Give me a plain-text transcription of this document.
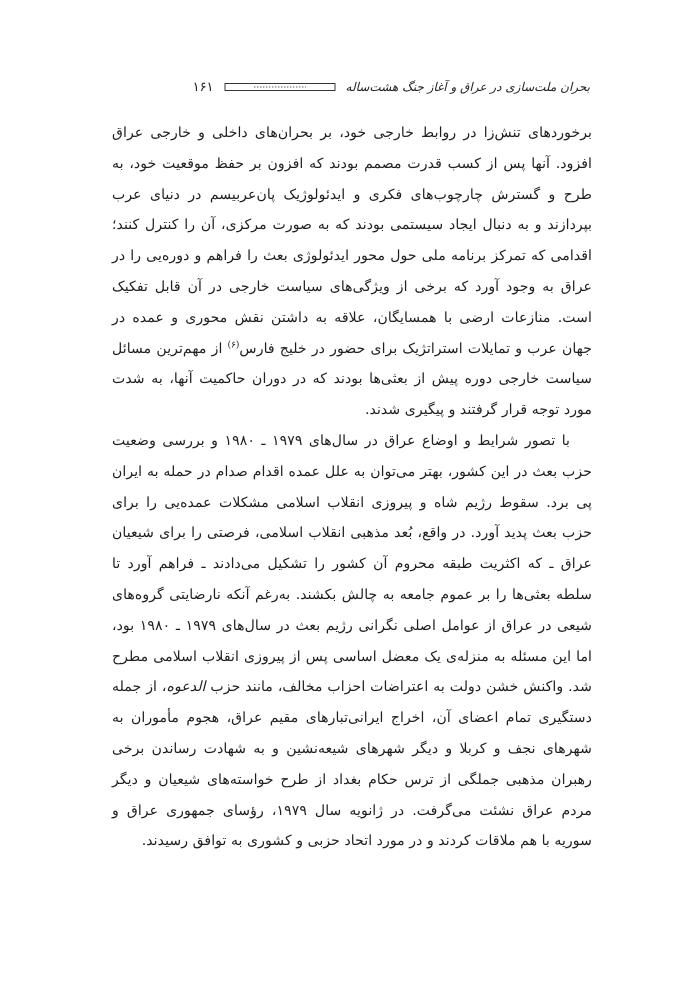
بحران ملت‌سازی در عراق و آغاز جنگ هشت‌ساله
۱۶۱

برخوردهای تنش‌زا در روابط خارجی خود، بر بحران‌های داخلی و خارجی عراق افزود. آنها پس از کسب قدرت مصمم بودند که افزون بر حفظ موقعیت خود، به طرح و گسترش چارچوب‌های فکری و ایدئولوژیک پان‌عربیسم در دنیای عرب بپردازند و به دنبال ایجاد سیستمی بودند که به صورت مرکزی، آن را کنترل کنند؛ اقدامی که تمرکز برنامه ملی حول محور ایدئولوژی بعث را فراهم و دوره‌یی را در عراق به وجود آورد که برخی از ویژگی‌های سیاست خارجی در آن قابل تفکیک است. منازعات ارضی با همسایگان، علاقه به داشتن نقش محوری و عمده در جهان عرب و تمایلات استراتژیک برای حضور در خلیج فارس$^{(۶)}$ از مهم‌ترین مسائل سیاست خارجی دوره پیش از بعثی‌ها بودند که در دوران حاکمیت آنها، به شدت مورد توجه قرار گرفتند و پیگیری شدند.

با تصور شرایط و اوضاع عراق در سال‌های ۱۹۷۹ ـ ۱۹۸۰ و بررسی وضعیت حزب بعث در این کشور، بهتر می‌توان به علل عمده اقدام صدام در حمله به ایران پی برد. سقوط رژیم شاه و پیروزی انقلاب اسلامی مشکلات عمده‌یی را برای حزب بعث پدید آورد. در واقع، بُعد مذهبی انقلاب اسلامی، فرصتی را برای شیعیان عراق ـ که اکثریت طبقه محروم آن کشور را تشکیل می‌دادند ـ فراهم آورد تا سلطه بعثی‌ها را بر عموم جامعه به چالش بکشند. به‌رغم آنکه نارضایتی گروه‌های شیعی در عراق از عوامل اصلی نگرانی رژیم بعث در سال‌های ۱۹۷۹ ـ ۱۹۸۰ بود، اما این مسئله به منزله‌ی یک معضل اساسی پس از پیروزی انقلاب اسلامی مطرح شد. واکنش خشن دولت به اعتراضات احزاب مخالف، مانند حزب الدعوه، از جمله دستگیری تمام اعضای آن، اخراج ایرانی‌تبارهای مقیم عراق، هجوم مأموران به شهرهای نجف و کربلا و دیگر شهرهای شیعه‌نشین و به شهادت رساندن برخی رهبران مذهبی جملگی از ترس حکام بغداد از طرح خواسته‌های شیعیان و دیگر مردم عراق نشئت می‌گرفت. در ژانویه سال ۱۹۷۹، رؤسای جمهوری عراق و سوریه با هم ملاقات کردند و در مورد اتحاد حزبی و کشوری به توافق رسیدند.
